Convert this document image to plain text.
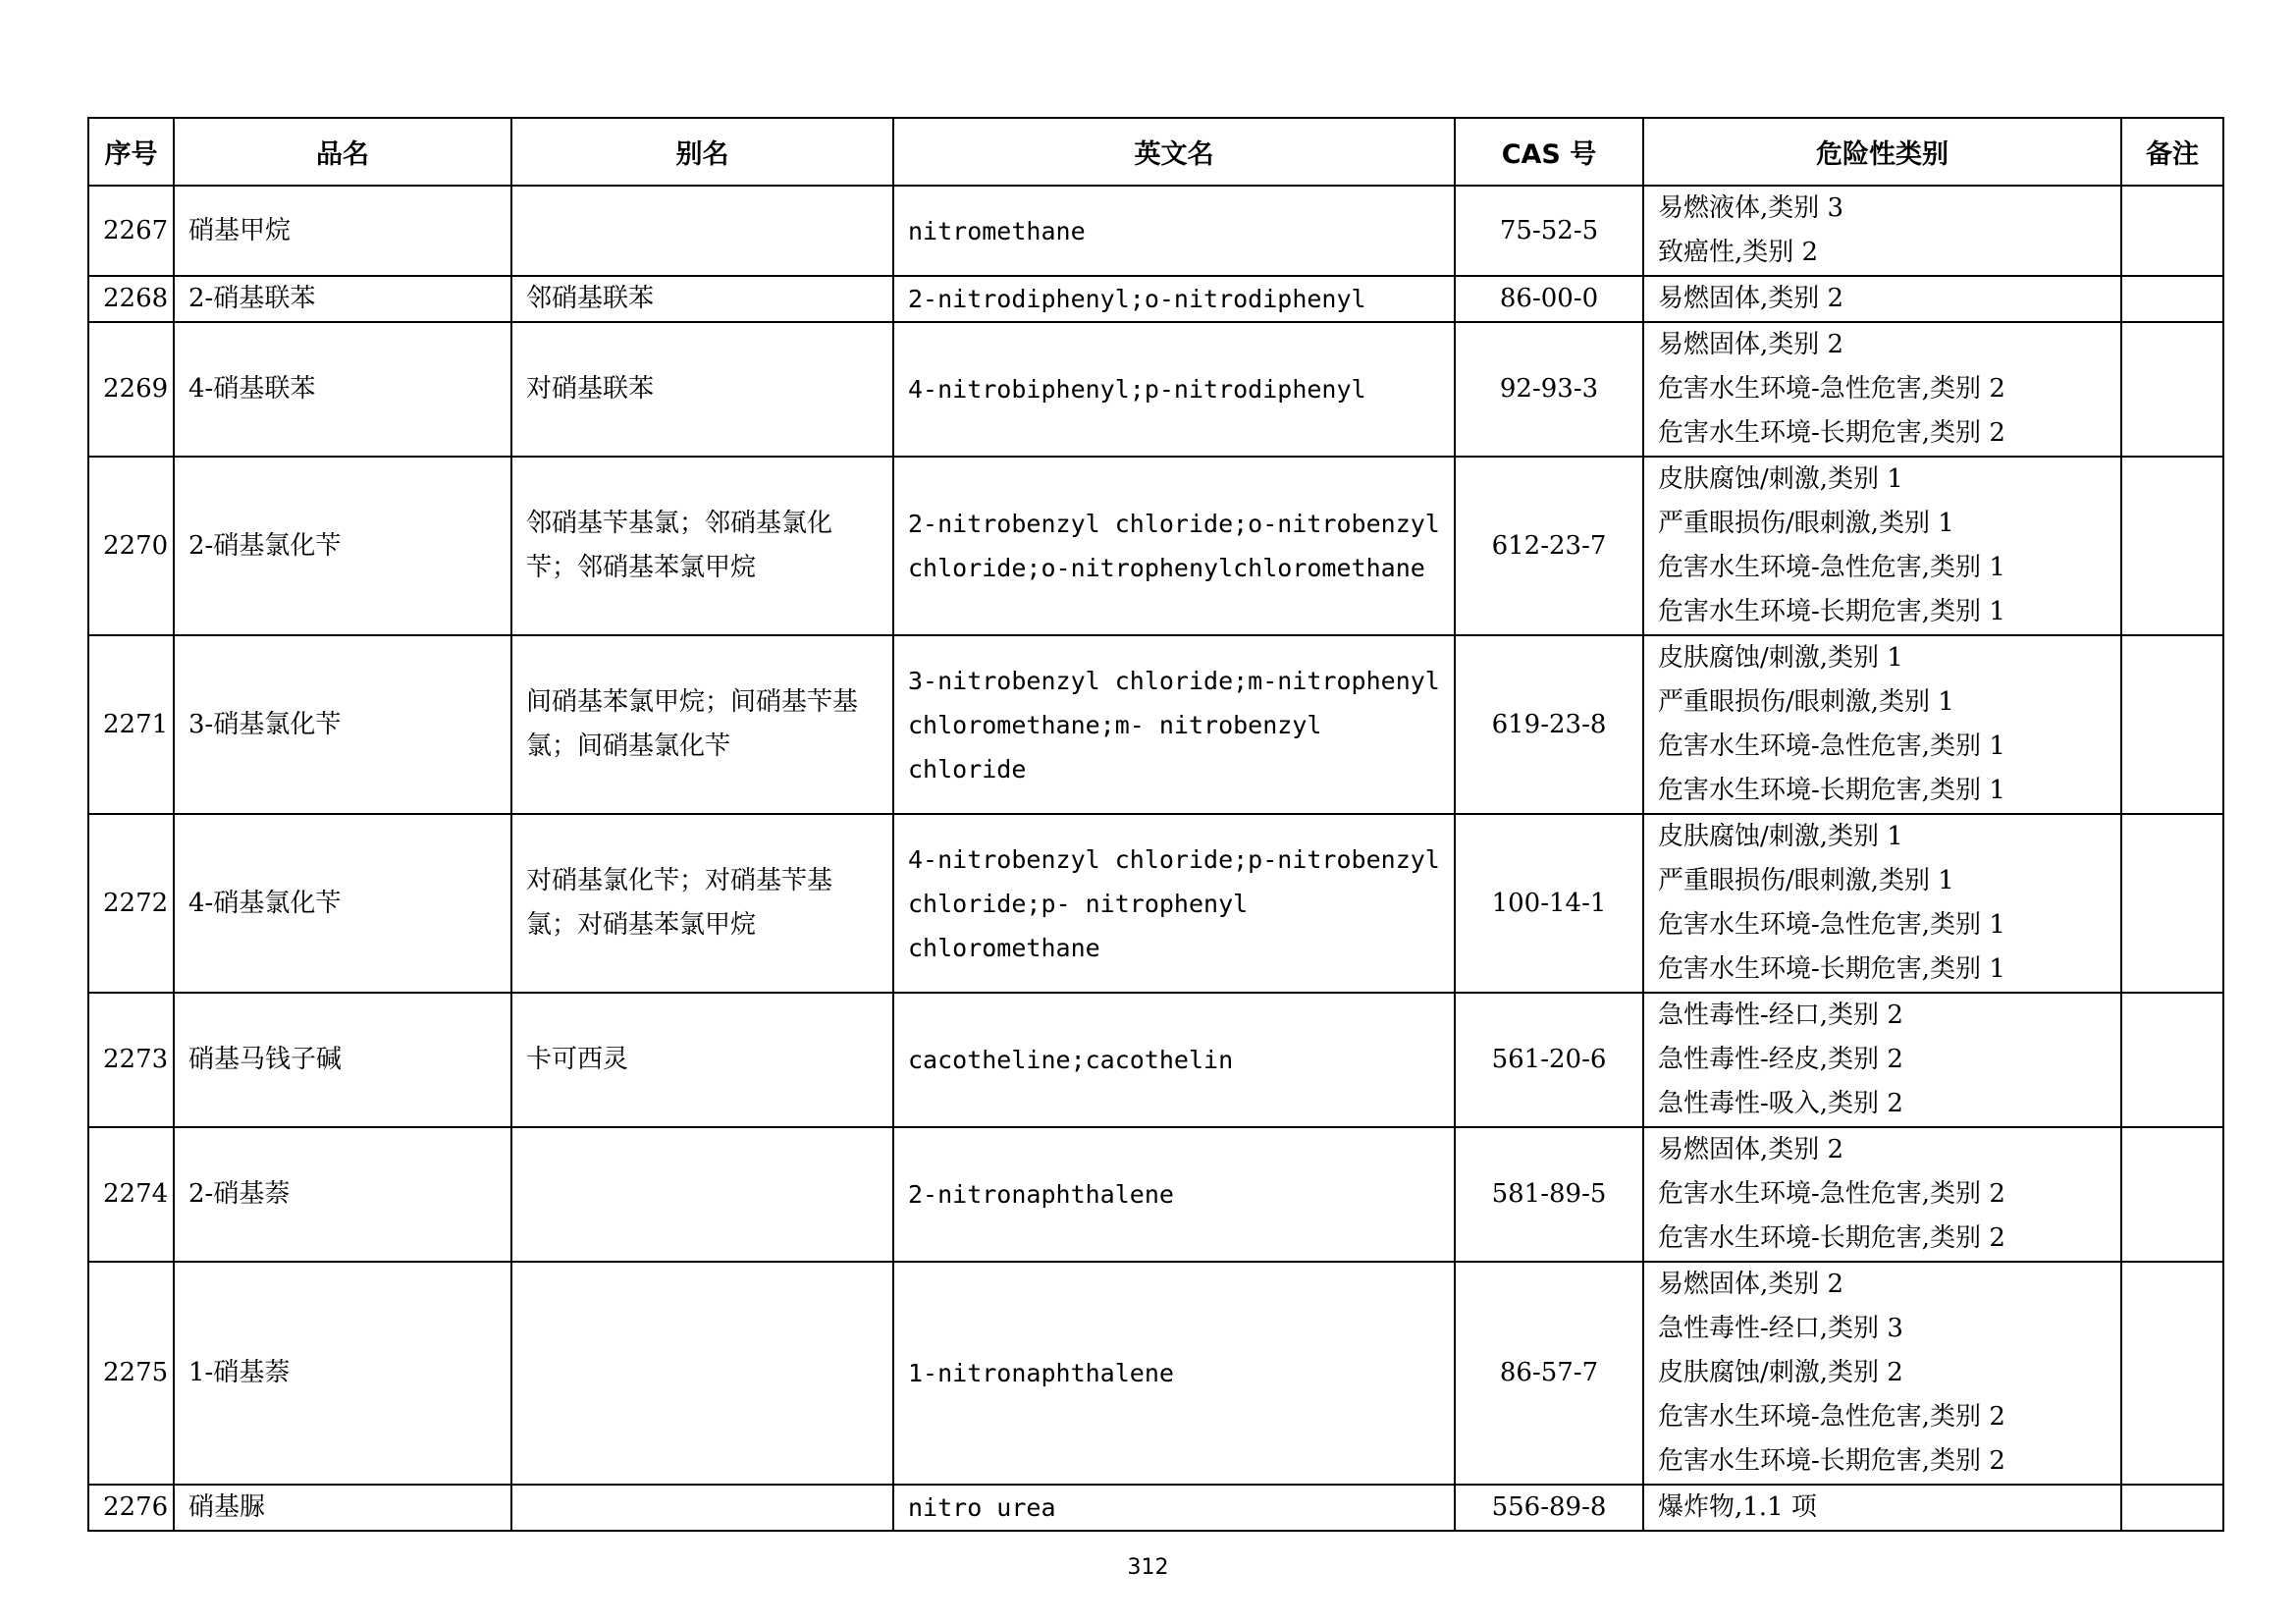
序号	品名	别名	英文名	CAS 号	危险性类别	备注
2267	硝基甲烷		nitromethane	75-52-5	易燃液体,类别 3
致癌性,类别 2	

2268	2-硝基联苯	邻硝基联苯	2-nitrodiphenyl;o-nitrodiphenyl	86-00-0	易燃固体,类别 2	

2269	4-硝基联苯	对硝基联苯	4-nitrobiphenyl;p-nitrodiphenyl	92-93-3	易燃固体,类别 2
危害水生环境-急性危害,类别 2
危害水生环境-长期危害,类别 2	

2270	2-硝基氯化苄	邻硝基苄基氯；邻硝基氯化苄；邻硝基苯氯甲烷	2-nitrobenzyl chloride;o-nitrobenzyl chloride;o-nitrophenylchloromethane	612-23-7	皮肤腐蚀/刺激,类别 1
严重眼损伤/眼刺激,类别 1
危害水生环境-急性危害,类别 1
危害水生环境-长期危害,类别 1	

2271	3-硝基氯化苄	间硝基苯氯甲烷；间硝基苄基氯；间硝基氯化苄	3-nitrobenzyl chloride;m-nitrophenyl chloromethane;m- nitrobenzyl chloride	619-23-8	皮肤腐蚀/刺激,类别 1
严重眼损伤/眼刺激,类别 1
危害水生环境-急性危害,类别 1
危害水生环境-长期危害,类别 1	

2272	4-硝基氯化苄	对硝基氯化苄；对硝基苄基氯；对硝基苯氯甲烷	4-nitrobenzyl chloride;p-nitrobenzyl chloride;p- nitrophenyl chloromethane	100-14-1	皮肤腐蚀/刺激,类别 1
严重眼损伤/眼刺激,类别 1
危害水生环境-急性危害,类别 1
危害水生环境-长期危害,类别 1	

2273	硝基马钱子碱	卡可西灵	cacotheline;cacothelin	561-20-6	急性毒性-经口,类别 2
急性毒性-经皮,类别 2
急性毒性-吸入,类别 2	

2274	2-硝基萘		2-nitronaphthalene	581-89-5	易燃固体,类别 2
危害水生环境-急性危害,类别 2
危害水生环境-长期危害,类别 2	

2275	1-硝基萘		1-nitronaphthalene	86-57-7	易燃固体,类别 2
急性毒性-经口,类别 3
皮肤腐蚀/刺激,类别 2
危害水生环境-急性危害,类别 2
危害水生环境-长期危害,类别 2	

2276	硝基脲		nitro urea	556-89-8	爆炸物,1.1 项	

312
